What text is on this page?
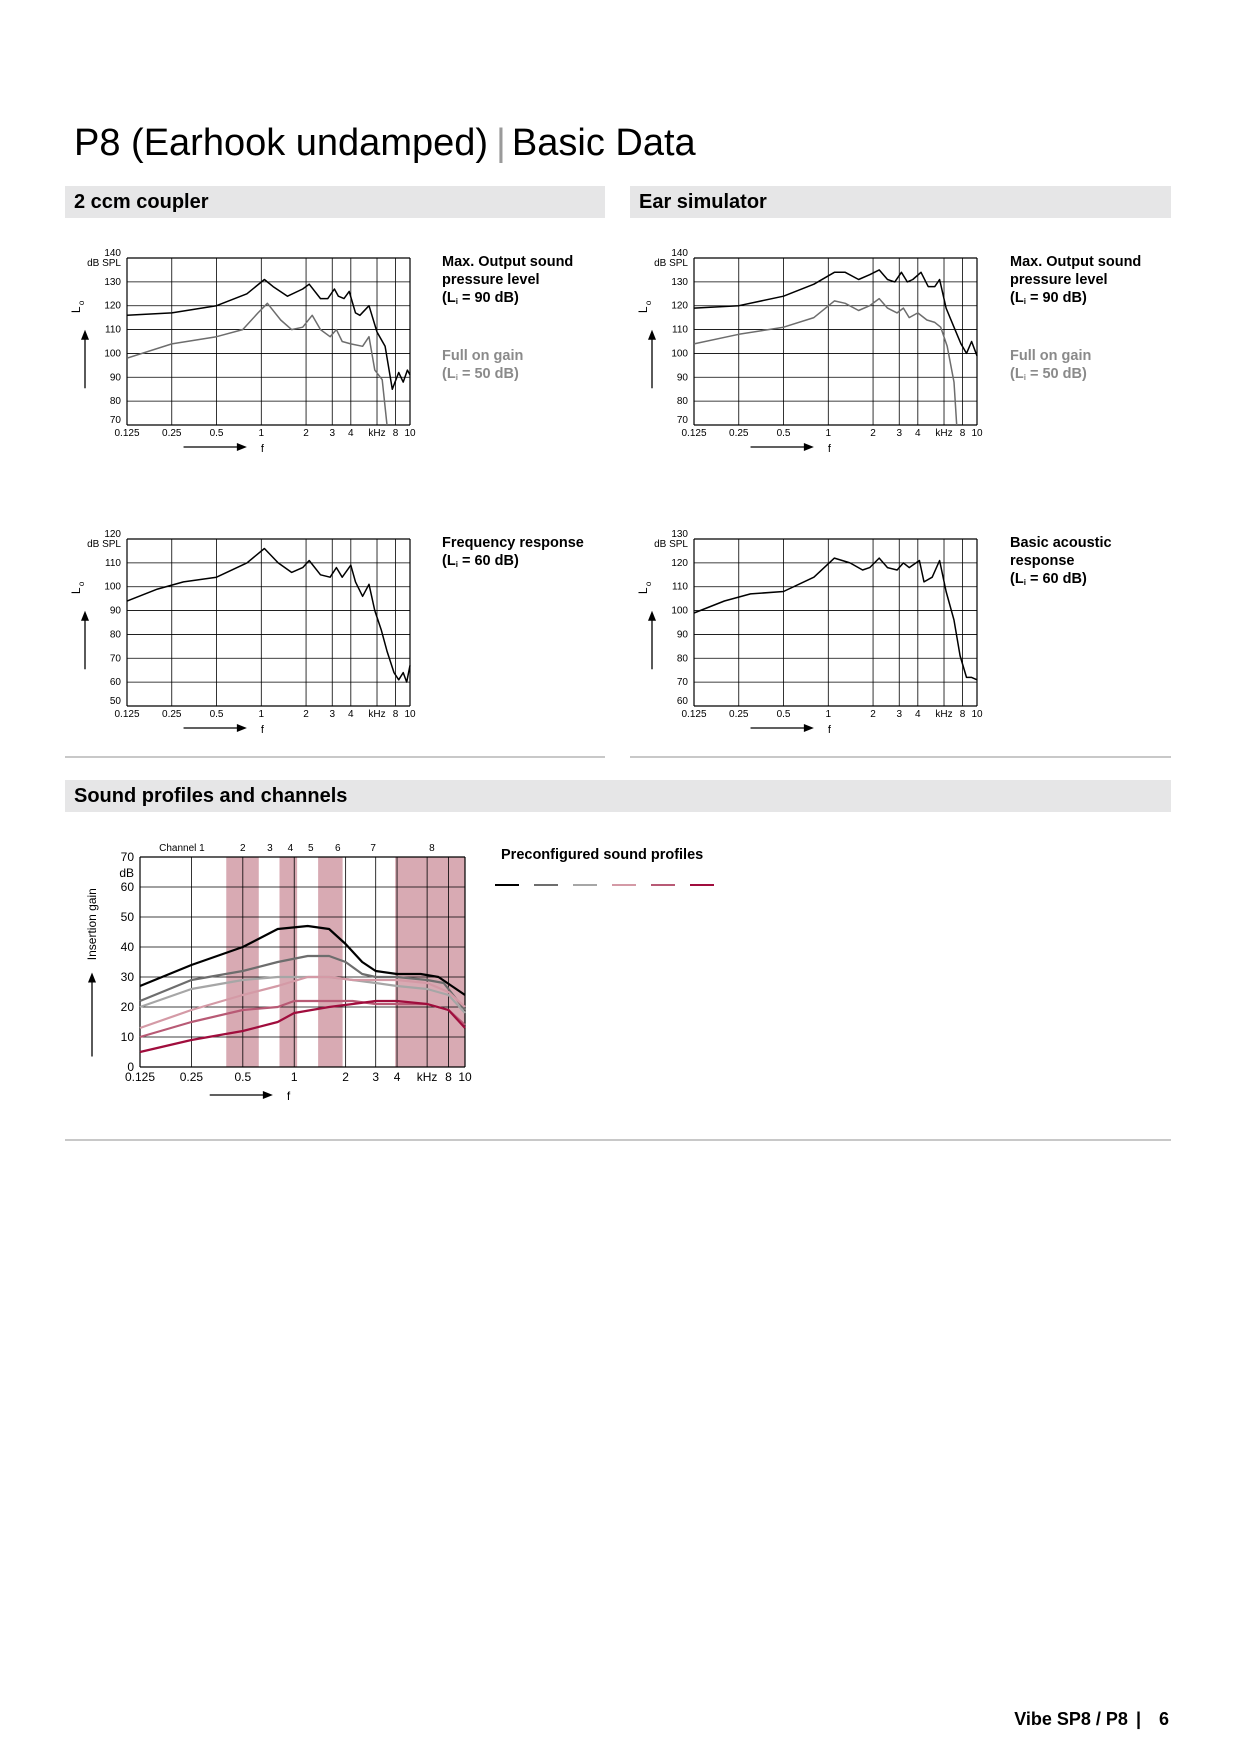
P8 (Earhook undamped) | Basic Data
2 ccm coupler	Ear simulator
Sound profiles and channels
140
130
120
110
100
90
80
70
dB SPL
0.125 0.25	0.5	1	2 3 4 kHz 8 10
L
o
f
140
130
120
110
100
90
80
70
dB SPL
0.125 0.25	0.5	1	2 3 4 kHz 8 10
L
o
f
120
110
100
90
80
70
60
50
dB SPL
0.125 0.25	0.5	1	2 3 4 kHz 8 10
L
o
f
130
120
110
100
90
80
70
60
dB SPL
0.125 0.25	0.5	1	2 3 4 kHz 8 10
L
o
f
70
60
50
40
30
20
10
0
dB
0.125 0.25	0.5	1	2 3 4 kHz 8 10
Channel 1	2 3 4 5 6	7	8
Insertion gain
f
Max. Output sound
pressure level
($L_i = 90$ dB)
Full on gain
($L_i = 50$ dB)
Max. Output sound
pressure level
($L_i = 90$ dB)
Full on gain
($L_i = 50$ dB)
Frequency response
($L_i = 60$ dB)
Basic acoustic
response
($L_i = 60$ dB)
Preconfigured sound profiles
Vibe SP8 / P8 | 6
